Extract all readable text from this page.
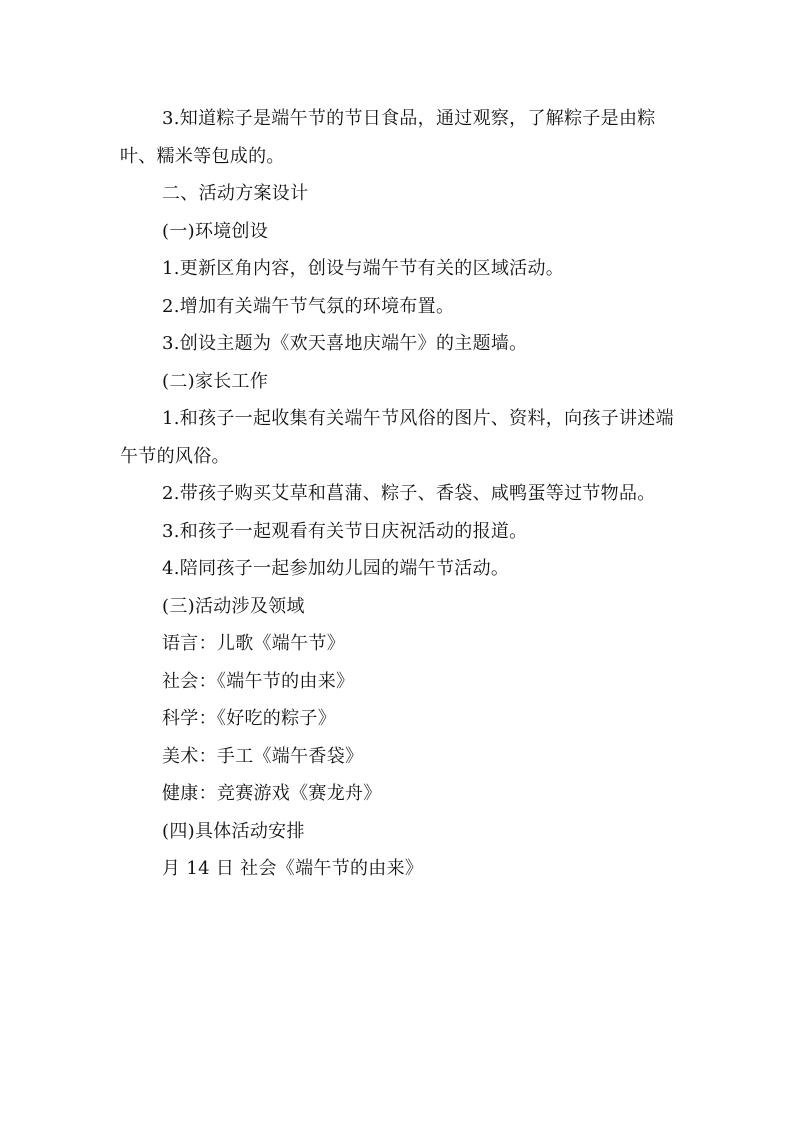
3.知道粽子是端午节的节日食品，通过观察，了解粽子是由粽叶、糯米等包成的。

二、活动方案设计

(一)环境创设

1.更新区角内容，创设与端午节有关的区域活动。

2.增加有关端午节气氛的环境布置。

3.创设主题为《欢天喜地庆端午》的主题墙。

(二)家长工作

1.和孩子一起收集有关端午节风俗的图片、资料，向孩子讲述端午节的风俗。

2.带孩子购买艾草和菖蒲、粽子、香袋、咸鸭蛋等过节物品。

3.和孩子一起观看有关节日庆祝活动的报道。

4.陪同孩子一起参加幼儿园的端午节活动。

(三)活动涉及领域

语言：儿歌《端午节》

社会：《端午节的由来》

科学：《好吃的粽子》

美术：手工《端午香袋》

健康：竞赛游戏《赛龙舟》

(四)具体活动安排

月 14 日 社会《端午节的由来》
